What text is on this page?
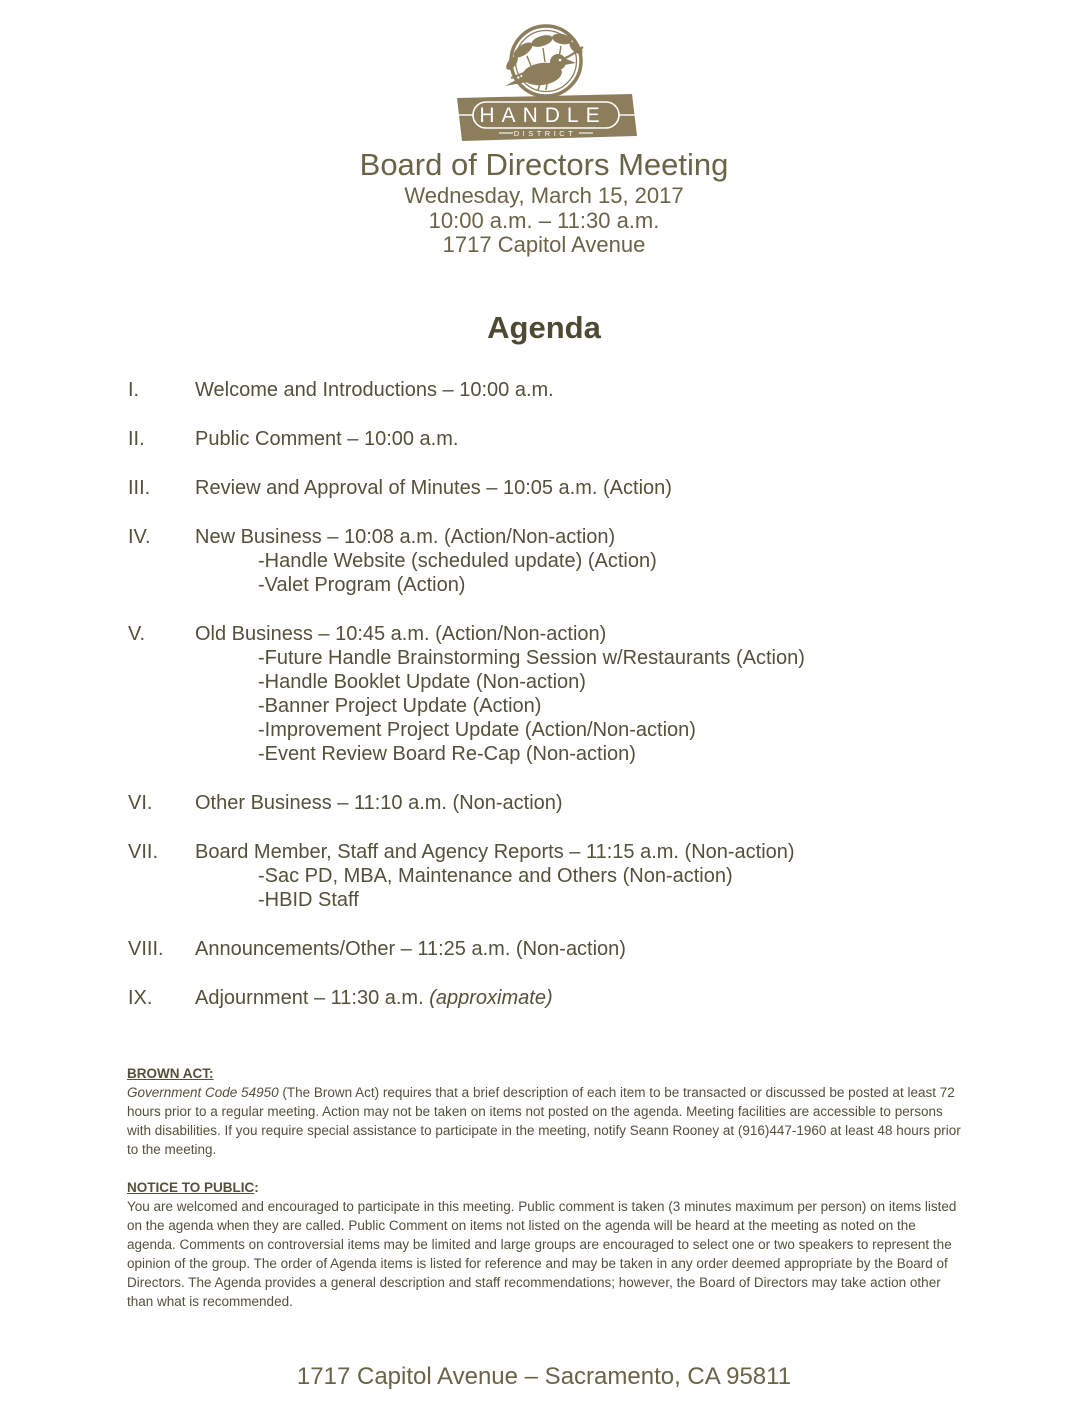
HANDLE
DISTRICT
Board of Directors Meeting
Wednesday, March 15, 2017
10:00 a.m. – 11:30 a.m.
1717 Capitol Avenue
Agenda
I.	Welcome and Introductions – 10:00 a.m.
II.	Public Comment – 10:00 a.m.
III.	Review and Approval of Minutes – 10:05 a.m. (Action)
IV.	New Business – 10:08 a.m. (Action/Non-action)
-Handle Website (scheduled update) (Action)
-Valet Program (Action)
V.	Old Business – 10:45 a.m. (Action/Non-action)
-Future Handle Brainstorming Session w/Restaurants (Action)
-Handle Booklet Update (Non-action)
-Banner Project Update (Action)
-Improvement Project Update (Action/Non-action)
-Event Review Board Re-Cap (Non-action)
VI.	Other Business – 11:10 a.m. (Non-action)
VII.	Board Member, Staff and Agency Reports – 11:15 a.m. (Non-action)
-Sac PD, MBA, Maintenance and Others (Non-action)
-HBID Staff
VIII.	Announcements/Other – 11:25 a.m. (Non-action)
IX.	Adjournment – 11:30 a.m. (approximate)
BROWN ACT:
Government Code 54950 (The Brown Act) requires that a brief description of each item to be transacted or discussed be posted at least 72 hours prior to a regular meeting. Action may not be taken on items not posted on the agenda. Meeting facilities are accessible to persons with disabilities. If you require special assistance to participate in the meeting, notify Seann Rooney at (916)447-1960 at least 48 hours prior to the meeting.
NOTICE TO PUBLIC:
You are welcomed and encouraged to participate in this meeting. Public comment is taken (3 minutes maximum per person) on items listed on the agenda when they are called. Public Comment on items not listed on the agenda will be heard at the meeting as noted on the agenda. Comments on controversial items may be limited and large groups are encouraged to select one or two speakers to represent the opinion of the group. The order of Agenda items is listed for reference and may be taken in any order deemed appropriate by the Board of Directors. The Agenda provides a general description and staff recommendations; however, the Board of Directors may take action other than what is recommended.
1717 Capitol Avenue – Sacramento, CA 95811
